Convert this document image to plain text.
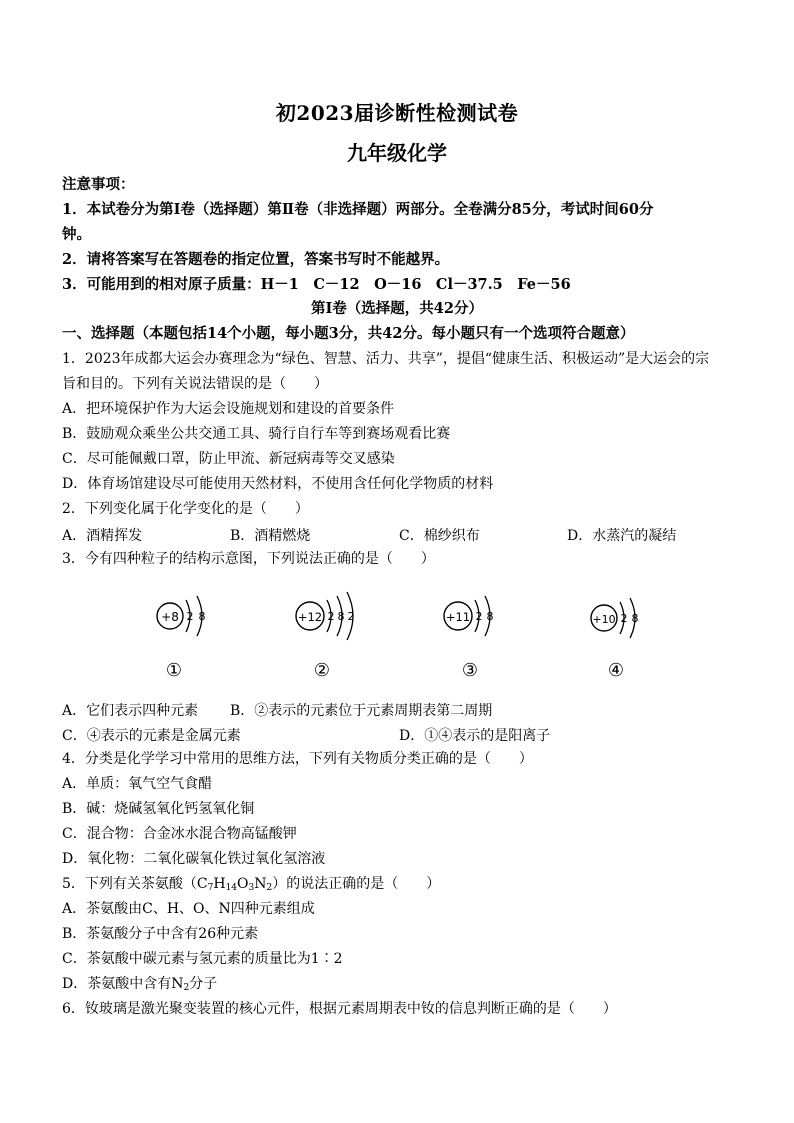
初2023届诊断性检测试卷
九年级化学
注意事项：
1．本试卷分为第Ⅰ卷（选择题）第Ⅱ卷（非选择题）两部分。全卷满分85分，考试时间60分
钟。
2．请将答案写在答题卷的指定位置，答案书写时不能越界。
3．可能用到的相对原子质量：H－1　C－12　O－16　Cl－37.5　Fe－56
第Ⅰ卷（选择题，共42分）
一、选择题（本题包括14个小题，每小题3分，共42分。每小题只有一个选项符合题意）
1．2023年成都大运会办赛理念为“绿色、智慧、活力、共享”，提倡“健康生活、积极运动”是大运会的宗
旨和目的。下列有关说法错误的是（　　）
A．把环境保护作为大运会设施规划和建设的首要条件
B．鼓励观众乘坐公共交通工具、骑行自行车等到赛场观看比赛
C．尽可能佩戴口罩，防止甲流、新冠病毒等交叉感染
D．体育场馆建设尽可能使用天然材料，不使用含任何化学物质的材料
2．下列变化属于化学变化的是（　　）
A．酒精挥发	B．酒精燃烧	C．棉纱织布	D．水蒸汽的凝结
3．今有四种粒子的结构示意图，下列说法正确的是（　　）
+8 2 8
①
+12 2 8 2
②
+11 2 8
③
+10 2 8
④
A．它们表示四种元素 B．②表示的元素位于元素周期表第二周期
C．④表示的元素是金属元素	D．①④表示的是阳离子
4．分类是化学学习中常用的思维方法，下列有关物质分类正确的是（　　）
A．单质：氧气空气食醋
B．碱：烧碱氢氧化钙氢氧化铜
C．混合物：合金冰水混合物高锰酸钾
D．氧化物：二氧化碳氧化铁过氧化氢溶液
5．下列有关茶氨酸$(C_7H_{14}O_3N_2)$的说法正确的是（　　）
A．茶氨酸由C、H、O、N四种元素组成
B．茶氨酸分子中含有26种元素
C．茶氨酸中碳元素与氢元素的质量比为1∶2
D．茶氨酸中含有$N_2$分子
6．钕玻璃是激光聚变装置的核心元件，根据元素周期表中钕的信息判断正确的是（　　）
